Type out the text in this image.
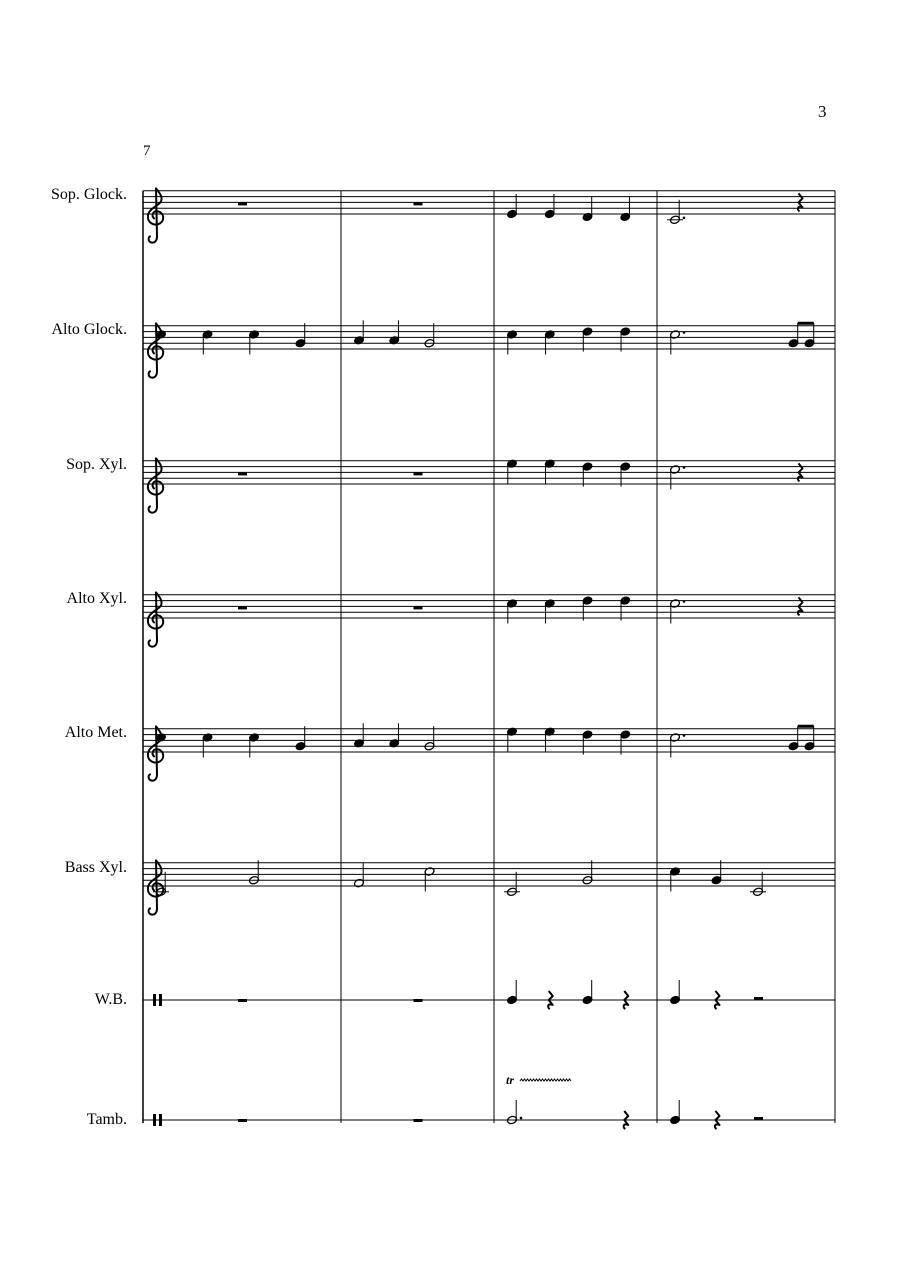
3
7
Sop. Glock.
Alto Glock.
Sop. Xyl.
Alto Xyl.
Alto Met.
Bass Xyl.
W.B.
Tamb.
tr
